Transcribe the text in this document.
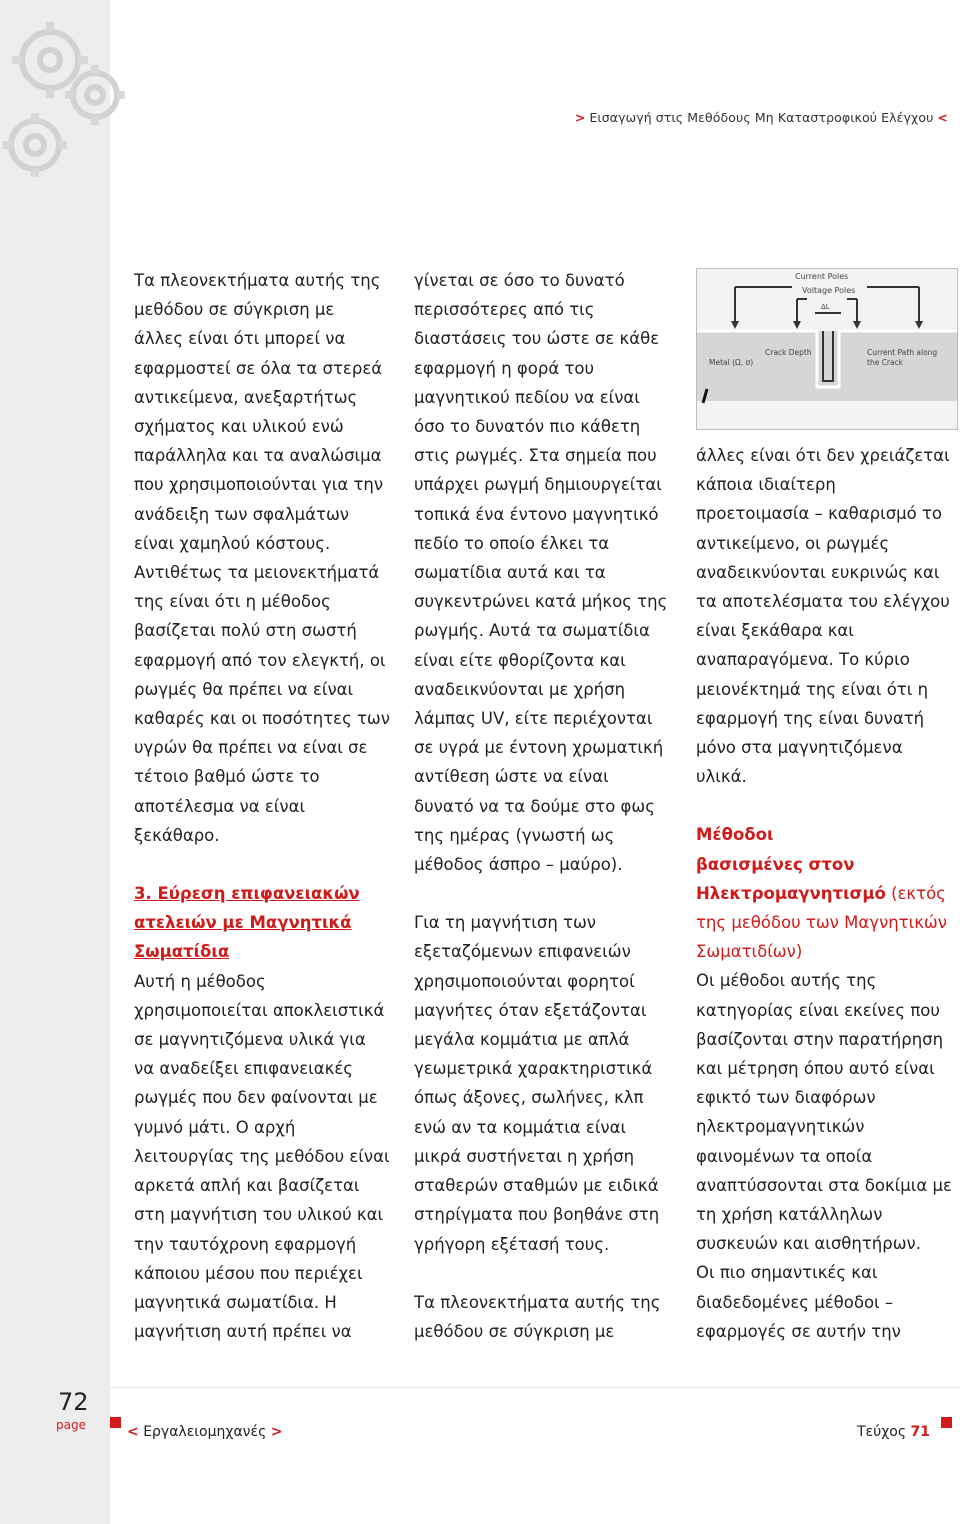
> Εισαγωγή στις Μεθόδους Μη Καταστροφικού Ελέγχου <

Τα πλεονεκτήματα αυτής της
μεθόδου σε σύγκριση με
άλλες είναι ότι μπορεί να
εφαρμοστεί σε όλα τα στερεά
αντικείμενα, ανεξαρτήτως
σχήματος και υλικού ενώ
παράλληλα και τα αναλώσιμα
που χρησιμοποιούνται για την
ανάδειξη των σφαλμάτων
είναι χαμηλού κόστους.
Αντιθέτως τα μειονεκτήματά
της είναι ότι η μέθοδος
βασίζεται πολύ στη σωστή
εφαρμογή από τον ελεγκτή, οι
ρωγμές θα πρέπει να είναι
καθαρές και οι ποσότητες των
υγρών θα πρέπει να είναι σε
τέτοιο βαθμό ώστε το
αποτέλεσμα να είναι
ξεκάθαρο.

3. Εύρεση επιφανειακών
ατελειών με Μαγνητικά
Σωματίδια

Αυτή η μέθοδος
χρησιμοποιείται αποκλειστικά
σε μαγνητιζόμενα υλικά για
να αναδείξει επιφανειακές
ρωγμές που δεν φαίνονται με
γυμνό μάτι. Ο αρχή
λειτουργίας της μεθόδου είναι
αρκετά απλή και βασίζεται
στη μαγνήτιση του υλικού και
την ταυτόχρονη εφαρμογή
κάποιου μέσου που περιέχει
μαγνητικά σωματίδια. Η
μαγνήτιση αυτή πρέπει να

γίνεται σε όσο το δυνατό
περισσότερες από τις
διαστάσεις του ώστε σε κάθε
εφαρμογή η φορά του
μαγνητικού πεδίου να είναι
όσο το δυνατόν πιο κάθετη
στις ρωγμές. Στα σημεία που
υπάρχει ρωγμή δημιουργείται
τοπικά ένα έντονο μαγνητικό
πεδίο το οποίο έλκει τα
σωματίδια αυτά και τα
συγκεντρώνει κατά μήκος της
ρωγμής. Αυτά τα σωματίδια
είναι είτε φθορίζοντα και
αναδεικνύονται με χρήση
λάμπας UV, είτε περιέχονται
σε υγρά με έντονη χρωματική
αντίθεση ώστε να είναι
δυνατό να τα δούμε στο φως
της ημέρας (γνωστή ως
μέθοδος άσπρο – μαύρο).

Για τη μαγνήτιση των
εξεταζόμενων επιφανειών
χρησιμοποιούνται φορητοί
μαγνήτες όταν εξετάζονται
μεγάλα κομμάτια με απλά
γεωμετρικά χαρακτηριστικά
όπως άξονες, σωλήνες, κλπ
ενώ αν τα κομμάτια είναι
μικρά συστήνεται η χρήση
σταθερών σταθμών με ειδικά
στηρίγματα που βοηθάνε στη
γρήγορη εξέτασή τους.

Τα πλεονεκτήματα αυτής της
μεθόδου σε σύγκριση με

Current Poles
Voltage Poles
ΔL
Metal (Ω, σ)
Crack Depth	Current Path along
the Crack

άλλες είναι ότι δεν χρειάζεται
κάποια ιδιαίτερη
προετοιμασία – καθαρισμό το
αντικείμενο, οι ρωγμές
αναδεικνύονται ευκρινώς και
τα αποτελέσματα του ελέγχου
είναι ξεκάθαρα και
αναπαραγόμενα. Το κύριο
μειονέκτημά της είναι ότι η
εφαρμογή της είναι δυνατή
μόνο στα μαγνητιζόμενα
υλικά.

Μέθοδοι
βασισμένες στον
Ηλεκτρομαγνητισμό (εκτός
της μεθόδου των Μαγνητικών
Σωματιδίων)

Οι μέθοδοι αυτής της
κατηγορίας είναι εκείνες που
βασίζονται στην παρατήρηση
και μέτρηση όπου αυτό είναι
εφικτό των διαφόρων
ηλεκτρομαγνητικών
φαινομένων τα οποία
αναπτύσσονται στα δοκίμια με
τη χρήση κατάλληλων
συσκευών και αισθητήρων.
Οι πιο σημαντικές και
διαδεδομένες μέθοδοι –
εφαρμογές σε αυτήν την

72
page	< Εργαλειομηχανές >	Τεύχος 71
